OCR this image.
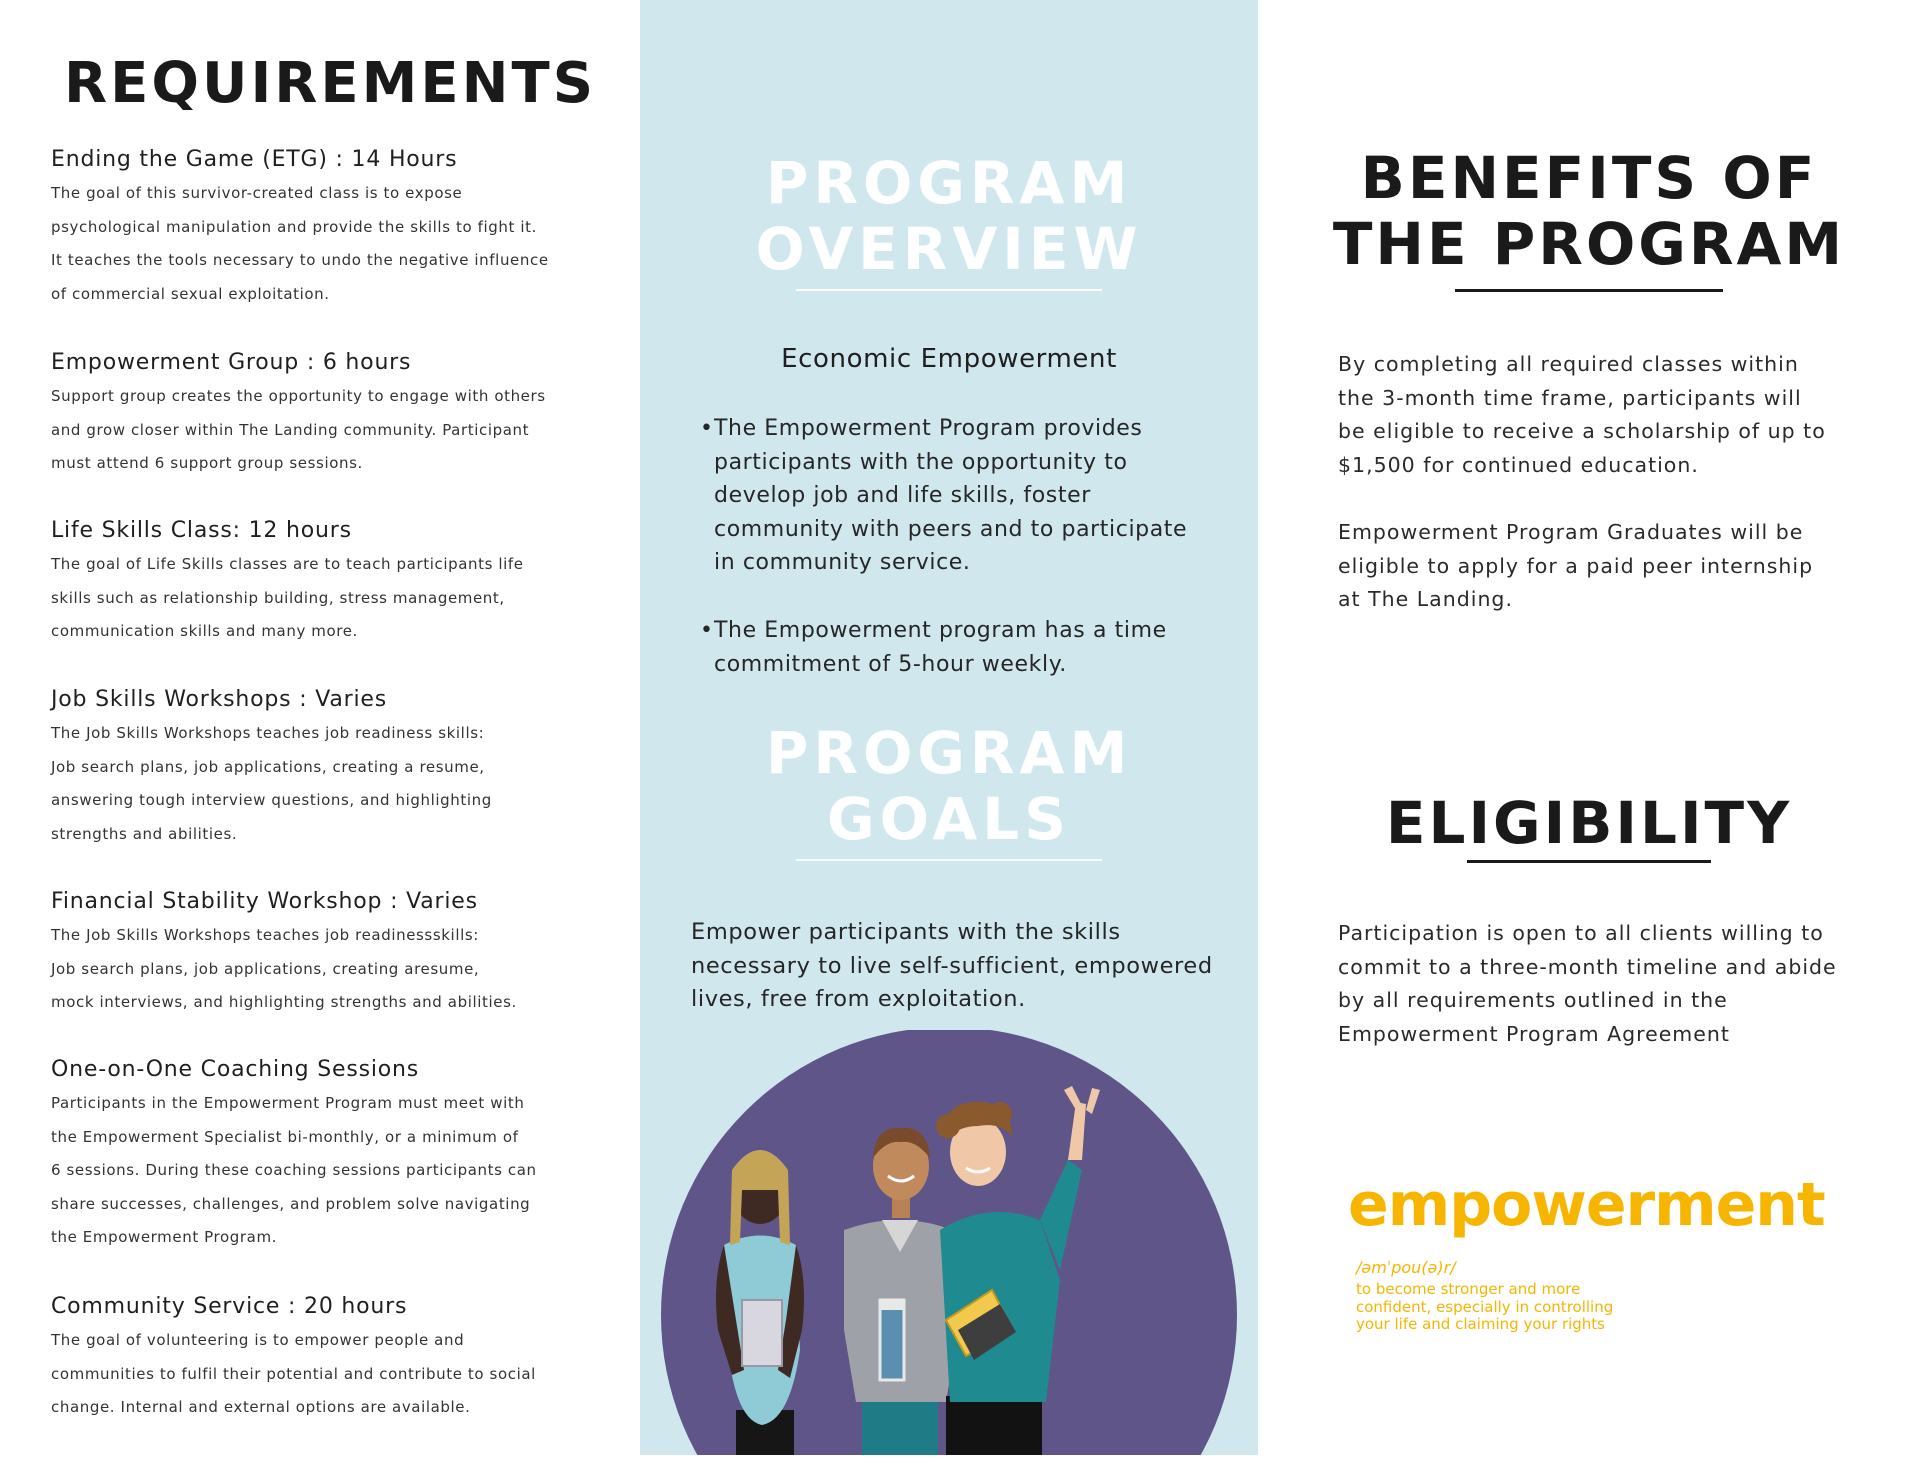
REQUIREMENTS
Ending the Game (ETG) : 14 Hours

The goal of this survivor-created class is to expose
psychological manipulation and provide the skills to fight it.
It teaches the tools necessary to undo the negative influence
of commercial sexual exploitation.

Empowerment Group : 6 hours

Support group creates the opportunity to engage with others
and grow closer within The Landing community. Participant
must attend 6 support group sessions.

Life Skills Class: 12 hours

The goal of Life Skills classes are to teach participants life
skills such as relationship building, stress management,
communication skills and many more.

Job Skills Workshops : Varies

The Job Skills Workshops teaches job readiness skills:
Job search plans, job applications, creating a resume,
answering tough interview questions, and highlighting
strengths and abilities.

Financial Stability Workshop : Varies

The Job Skills Workshops teaches job readinessskills:
Job search plans, job applications, creating aresume,
mock interviews, and highlighting strengths and abilities.

One-on-One Coaching Sessions

Participants in the Empowerment Program must meet with
the Empowerment Specialist bi-monthly, or a minimum of
6 sessions. During these coaching sessions participants can
share successes, challenges, and problem solve navigating
the Empowerment Program.

Community Service : 20 hours

The goal of volunteering is to empower people and
communities to fulfil their potential and contribute to social
change. Internal and external options are available.

PROGRAM
OVERVIEW
Economic Empowerment
• The Empowerment Program provides
participants with the opportunity to
develop job and life skills, foster
community with peers and to participate
in community service.
• The Empowerment program has a time
commitment of 5-hour weekly.
PROGRAM
GOALS

Empower participants with the skills
necessary to live self-sufficient, empowered
lives, free from exploitation.

BENEFITS OF
THE PROGRAM

By completing all required classes within
the 3-month time frame, participants will
be eligible to receive a scholarship of up to
$1,500 for continued education.

Empowerment Program Graduates will be
eligible to apply for a paid peer internship
at The Landing.

ELIGIBILITY

Participation is open to all clients willing to
commit to a three-month timeline and abide
by all requirements outlined in the
Empowerment Program Agreement

empowerment

/əmˈpou(ə)r/

to become stronger and more
confident, especially in controlling
your life and claiming your rights
